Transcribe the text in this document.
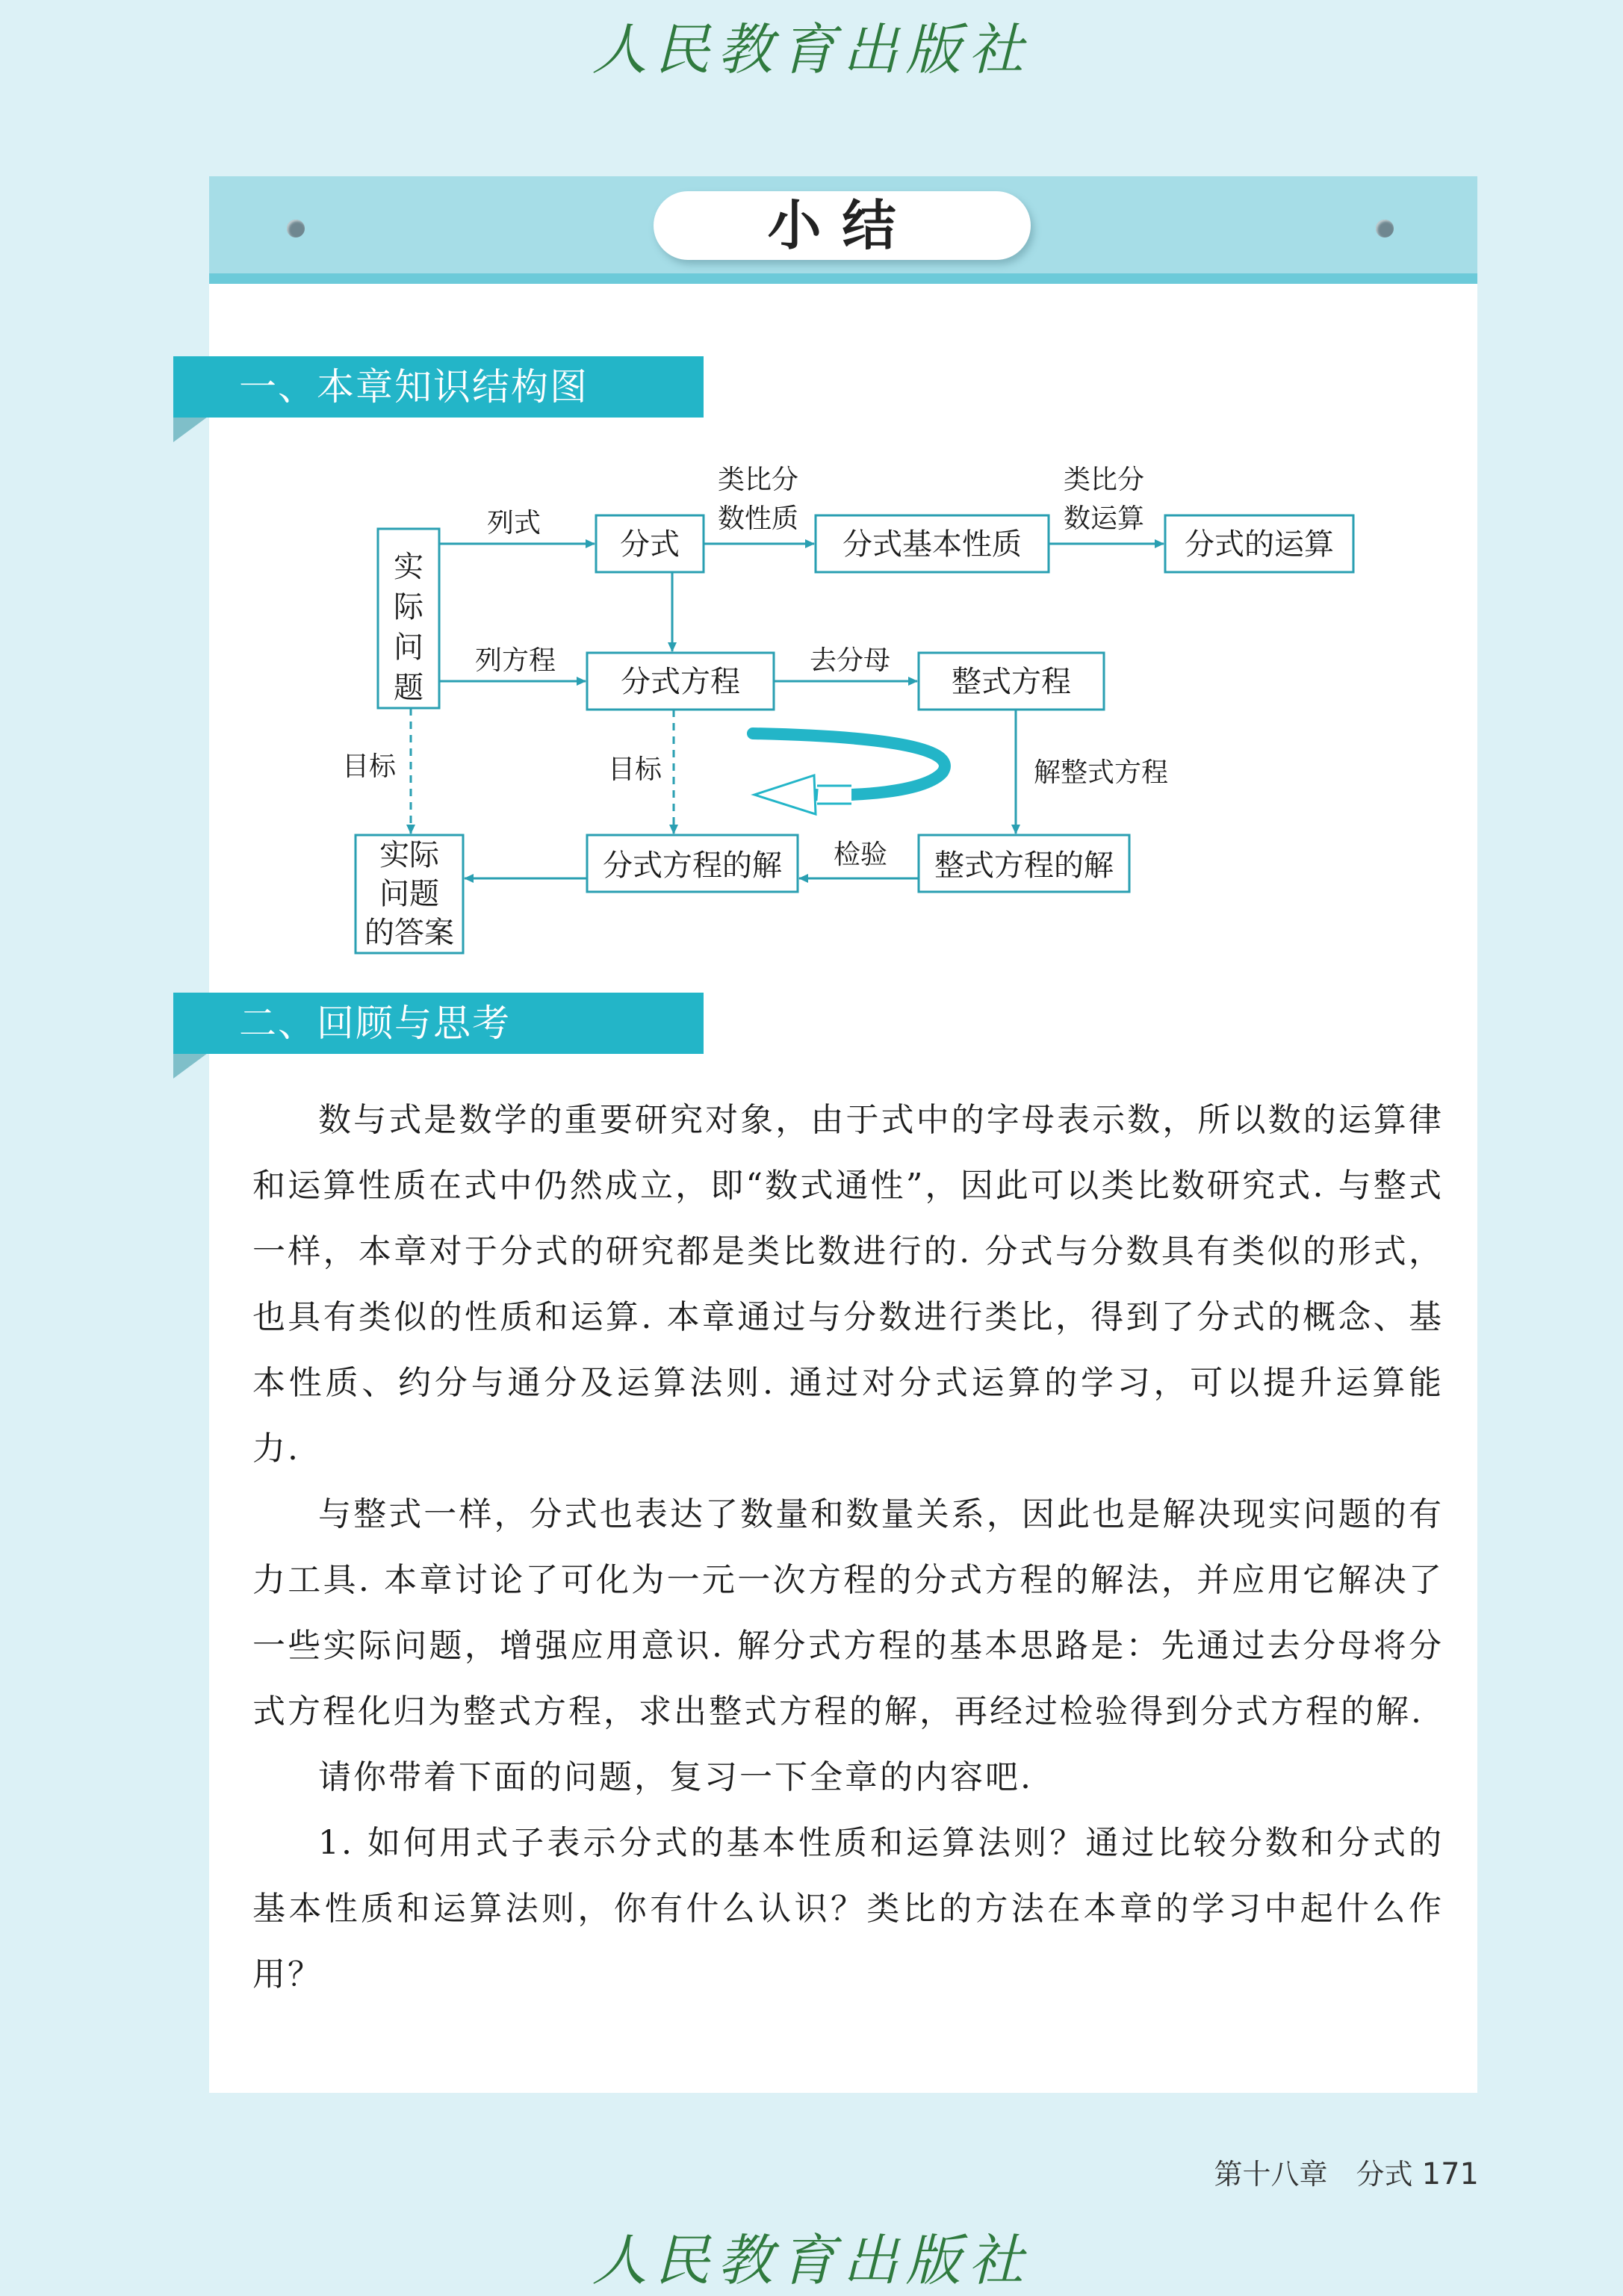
人民教育出版社
小结
一、本章知识结构图
实
际
问
题
分式	分式基本性质	分式的运算
分式方程	整式方程
实际
问题
的答案
分式方程的解	整式方程的解
列式
类比分
数性质
类比分
数运算
列方程	去分母
解整式方程
目标	目标
检验
二、回顾与思考

数与式是数学的重要研究对象，由于式中的字母表示数，所以数的运算律和运算性质在式中仍然成立，即“数式通性”，因此可以类比数研究式. 与整式一样，本章对于分式的研究都是类比数进行的. 分式与分数具有类似的形式，也具有类似的性质和运算. 本章通过与分数进行类比，得到了分式的概念、基本性质、约分与通分及运算法则. 通过对分式运算的学习，可以提升运算能力.

与整式一样，分式也表达了数量和数量关系，因此也是解决现实问题的有力工具. 本章讨论了可化为一元一次方程的分式方程的解法，并应用它解决了一些实际问题，增强应用意识. 解分式方程的基本思路是：先通过去分母将分式方程化归为整式方程，求出整式方程的解，再经过检验得到分式方程的解.

请你带着下面的问题，复习一下全章的内容吧.

1. 如何用式子表示分式的基本性质和运算法则？通过比较分数和分式的基本性质和运算法则，你有什么认识？类比的方法在本章的学习中起什么作用？

第十八章　分式 171
人民教育出版社
